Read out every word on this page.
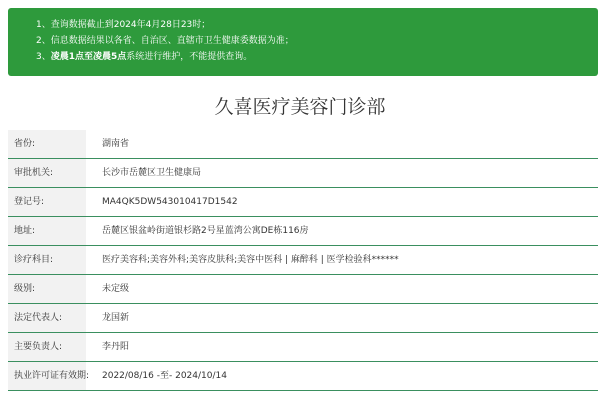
1、查询数据截止到2024年4月28日23时；
2、信息数据结果以各省、自治区、直辖市卫生健康委数据为准；
3、凌晨1点至凌晨5点系统进行维护，不能提供查询。
久喜医疗美容门诊部
省份:	湖南省
审批机关:	长沙市岳麓区卫生健康局
登记号:	MA4QK5DW543010417D1542
地址:	岳麓区银盆岭街道银杉路2号星蓝湾公寓DE栋116房
诊疗科目:	医疗美容科;美容外科;美容皮肤科;美容中医科 | 麻醉科 | 医学检验科******
级别:	未定级
法定代表人:	龙国新
主要负责人:	李丹阳
执业许可证有效期: 2022/08/16 -至- 2024/10/14
